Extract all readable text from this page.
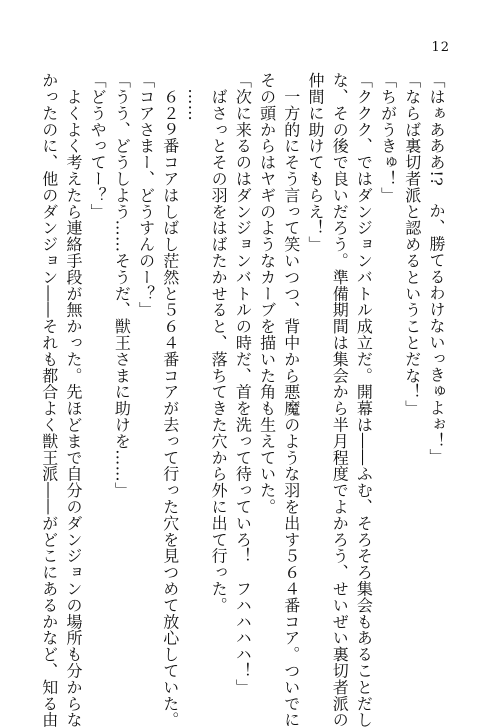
12
「はぁあああ!?　か、勝てるわけないっきゅよぉ！」
「ならば裏切者派と認めるということだな！」
「ちがうきゅ！」
「ククク、ではダンジョンバトル成立だ。開幕は――ふむ、そろそろ集会もあることだし
な、その後で良いだろう。準備期間は集会から半月程度でよかろう、せいぜい裏切者派の
仲間に助けてもらえ！」
　一方的にそう言って笑いつつ、背中から悪魔のような羽を出す５６４番コア。ついでに
その頭からはヤギのようなカーブを描いた角も生えていた。
「次に来るのはダンジョンバトルの時だ、首を洗って待っていろ！　フハハハハ！」
　ばさっとその羽をはばたかせると、落ちてきた穴から外に出て行った。
　……
　６２９番コアはしばし茫然と５６４番コアが去って行った穴を見つめて放心していた。
「コアさまー、どうすんのー？」
「うう、どうしよう……そうだ、獣王さまに助けを……」
「どうやってー？」
　よくよく考えたら連絡手段が無かった。先ほどまで自分のダンジョンの場所も分からな
かったのに、他のダンジョン――それも都合よく獣王派――がどこにあるかなど、知る由
